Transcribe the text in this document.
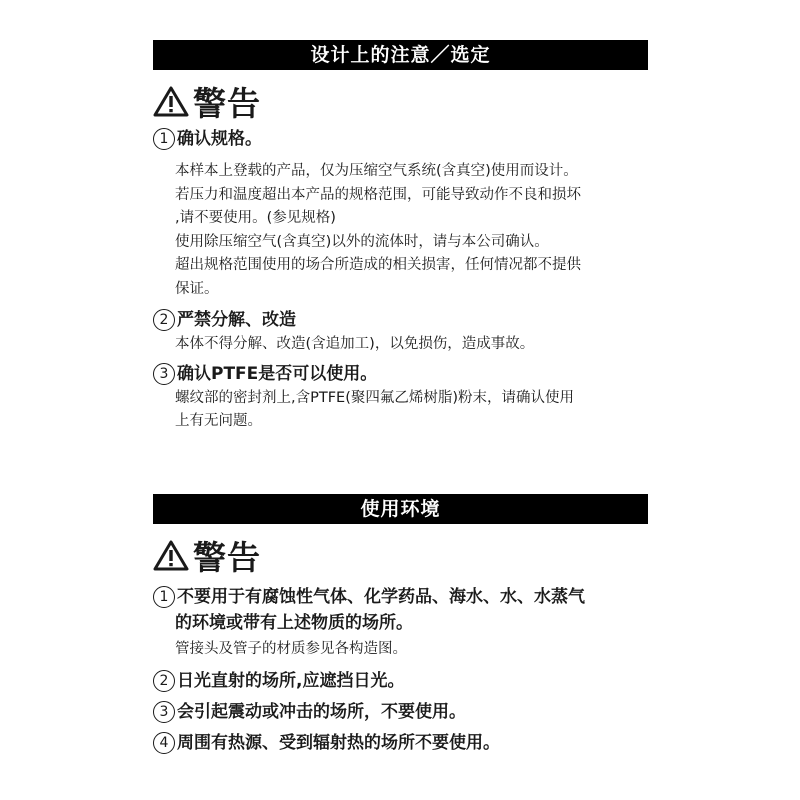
设计上的注意／选定
警告
1 确认规格。

本样本上登载的产品，仅为压缩空气系统(含真空)使用而设计。

若压力和温度超出本产品的规格范围，可能导致动作不良和损坏

,请不要使用。(参见规格)

使用除压缩空气(含真空)以外的流体时，请与本公司确认。

超出规格范围使用的场合所造成的相关损害，任何情况都不提供

保证。

2 严禁分解、改造

本体不得分解、改造(含追加工)，以免损伤，造成事故。

3 确认PTFE是否可以使用。

螺纹部的密封剂上,含PTFE(聚四氟乙烯树脂)粉末，请确认使用

上有无问题。

使用环境
警告
1 不要用于有腐蚀性气体、化学药品、海水、水、水蒸气
的环境或带有上述物质的场所。

管接头及管子的材质参见各构造图。

2 日光直射的场所,应遮挡日光。
3 会引起震动或冲击的场所，不要使用。
4 周围有热源、受到辐射热的场所不要使用。
